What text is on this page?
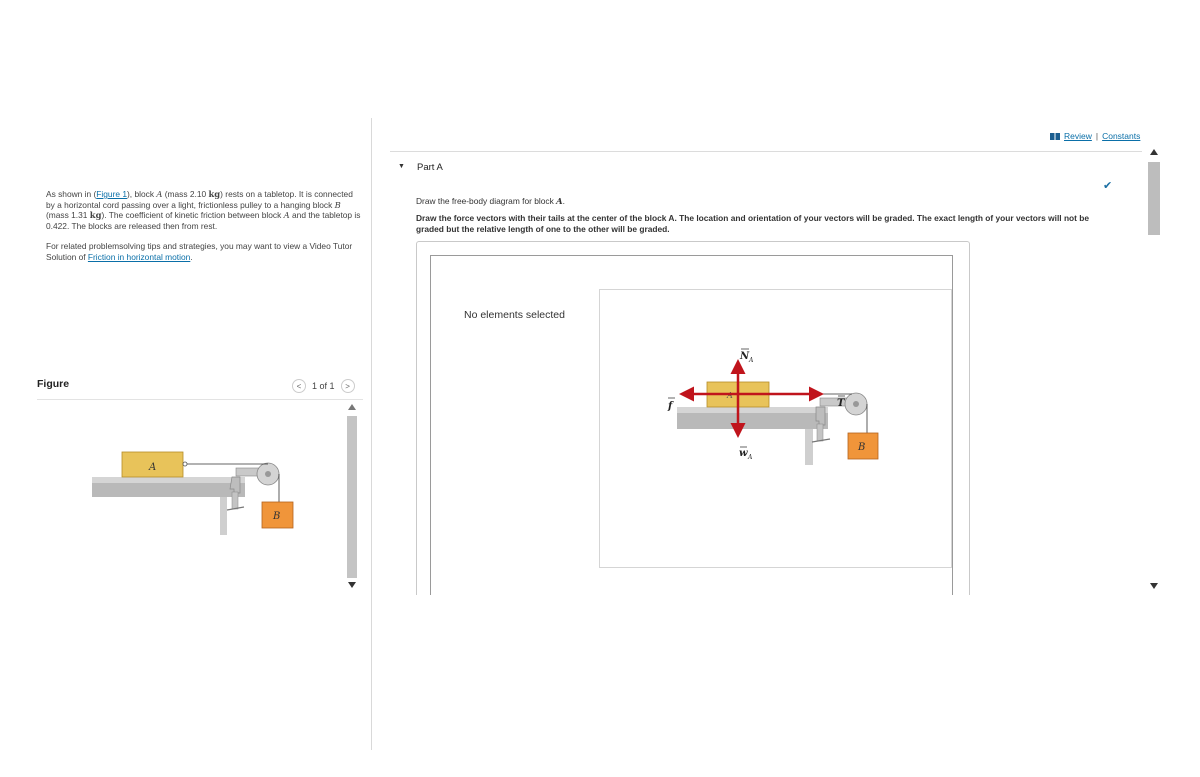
As shown in (Figure 1), block A (mass 2.10 kg) rests on a tabletop. It is connected by a horizontal cord passing over a light, frictionless pulley to a hanging block B (mass 1.31 kg). The coefficient of kinetic friction between block A and the tabletop is 0.422. The blocks are released then from rest.

For related problemsolving tips and strategies, you may want to view a Video Tutor Solution of Friction in horizontal motion.

Figure	<	1 of 1	>
A
B
Review | Constants
▼ Part A
✔
Draw the free-body diagram for block A.
Draw the force vectors with their tails at the center of the block A. The location and orientation of your vectors will be graded. The exact length of your vectors will not be graded but the relative length of one to the other will be graded.
No elements selected
B
A
N A
w A
f	T
